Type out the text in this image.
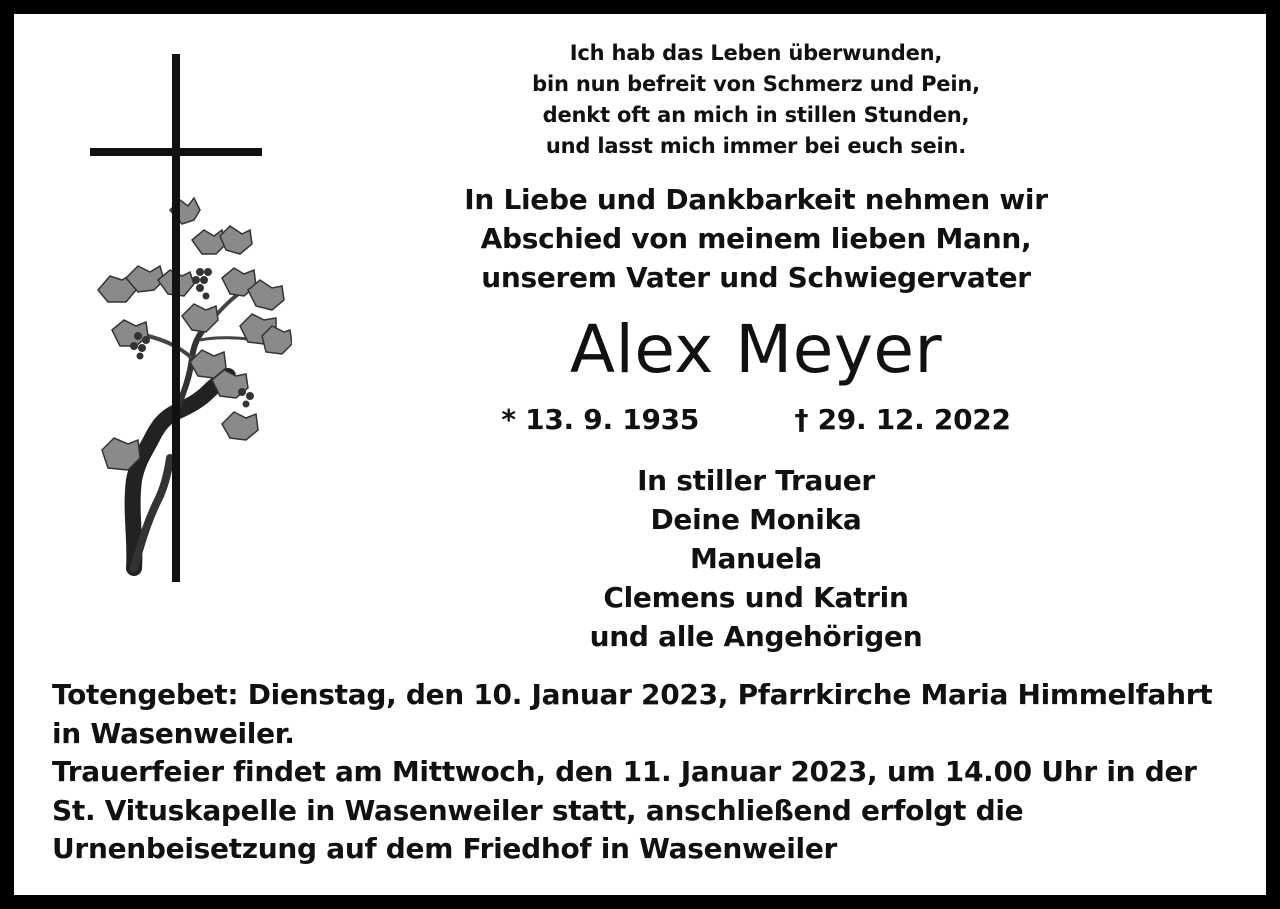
Ich hab das Leben überwunden,
bin nun befreit von Schmerz und Pein,
denkt oft an mich in stillen Stunden,
und lasst mich immer bei euch sein.
In Liebe und Dankbarkeit nehmen wir
Abschied von meinem lieben Mann,
unserem Vater und Schwiegervater
Alex Meyer
* 13. 9. 1935	† 29. 12. 2022
In stiller Trauer
Deine Monika
Manuela
Clemens und Katrin
und alle Angehörigen

Totengebet: Dienstag, den 10. Januar 2023, Pfarrkirche Maria Himmelfahrt in Wasenweiler.

Trauerfeier findet am Mittwoch, den 11. Januar 2023, um 14.00 Uhr in der St. Vituskapelle in Wasenweiler statt, anschließend erfolgt die Urnenbeisetzung auf dem Friedhof in Wasenweiler
